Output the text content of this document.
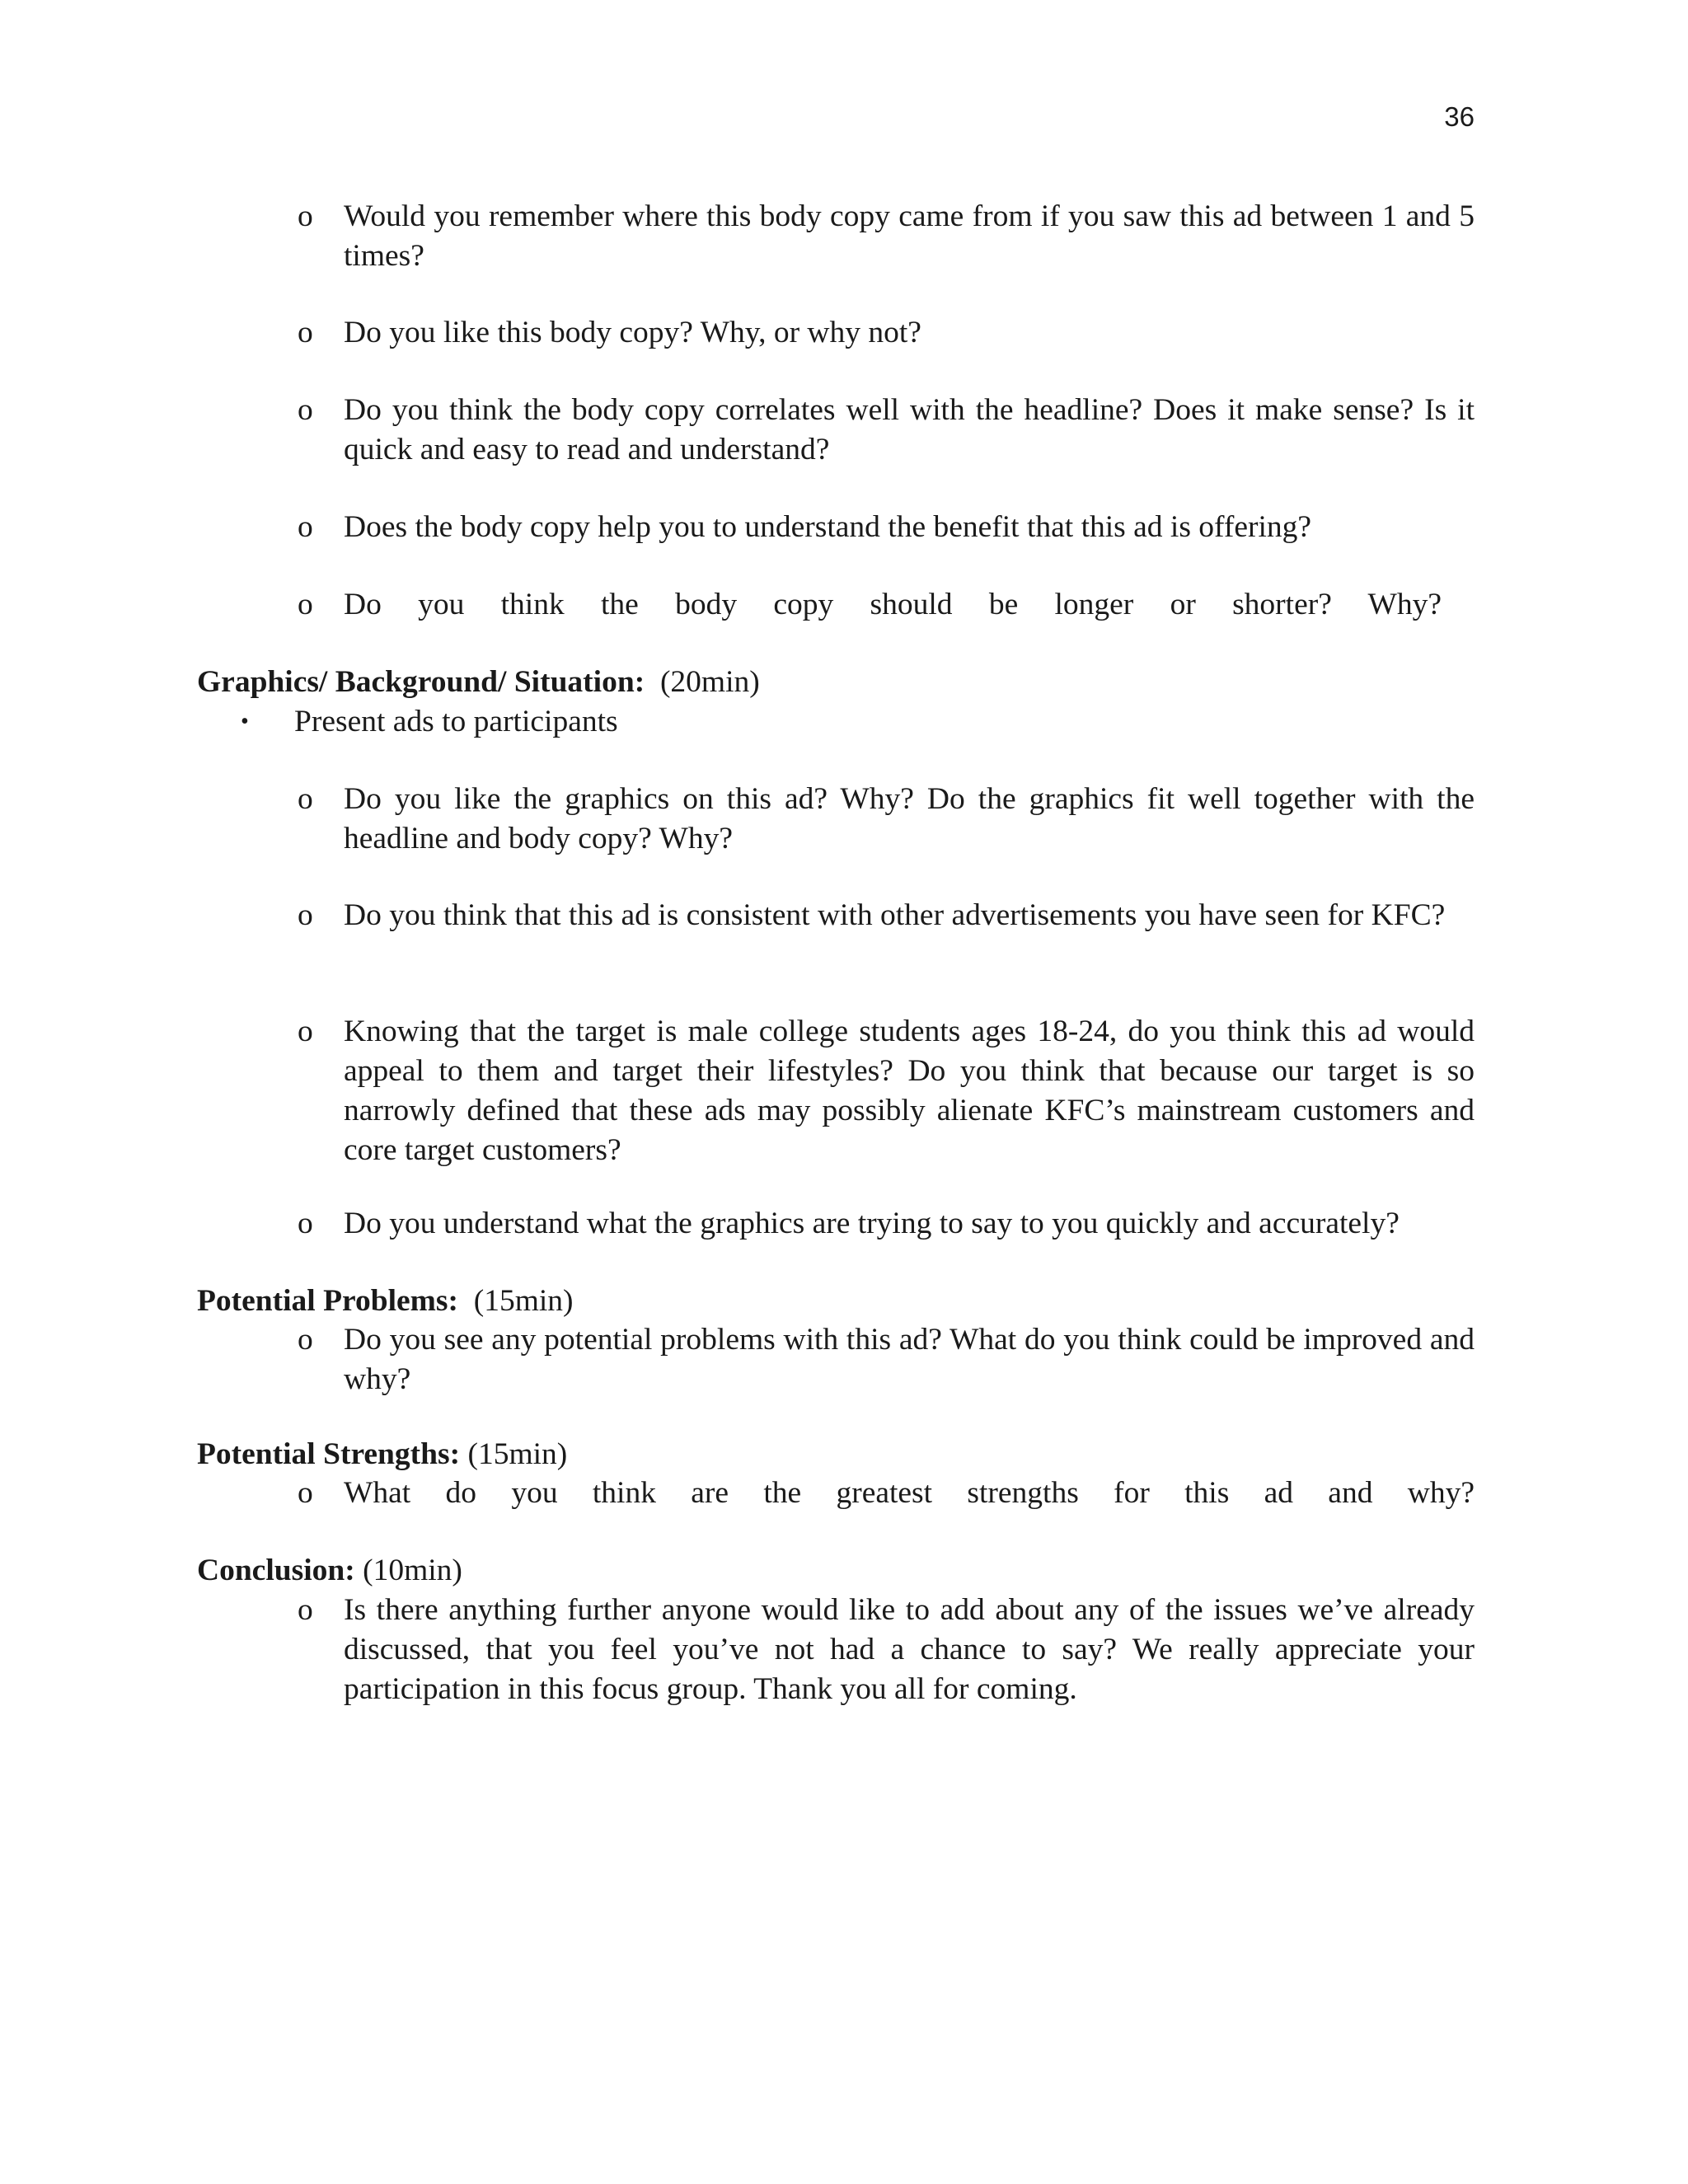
36
o Would you remember where this body copy came from if you saw this ad between 1 and 5 times?
o Do you like this body copy? Why, or why not?
o Do you think the body copy correlates well with the headline? Does it make sense? Is it quick and easy to read and understand?
o Does the body copy help you to understand the benefit that this ad is offering?
o Do you think the body copy should be longer or shorter? Why?
Graphics/ Background/ Situation: (20min)
• Present ads to participants
o Do you like the graphics on this ad? Why? Do the graphics fit well together with the headline and body copy? Why?
o Do you think that this ad is consistent with other advertisements you have seen for KFC?
o Knowing that the target is male college students ages 18-24, do you think this ad would appeal to them and target their lifestyles? Do you think that because our target is so narrowly defined that these ads may possibly alienate KFC’s mainstream customers and core target customers?
o Do you understand what the graphics are trying to say to you quickly and accurately?
Potential Problems: (15min)
o Do you see any potential problems with this ad? What do you think could be improved and why?
Potential Strengths: (15min)
o What do you think are the greatest strengths for this ad and why?
Conclusion: (10min)
o Is there anything further anyone would like to add about any of the issues we’ve already discussed, that you feel you’ve not had a chance to say? We really appreciate your participation in this focus group. Thank you all for coming.
